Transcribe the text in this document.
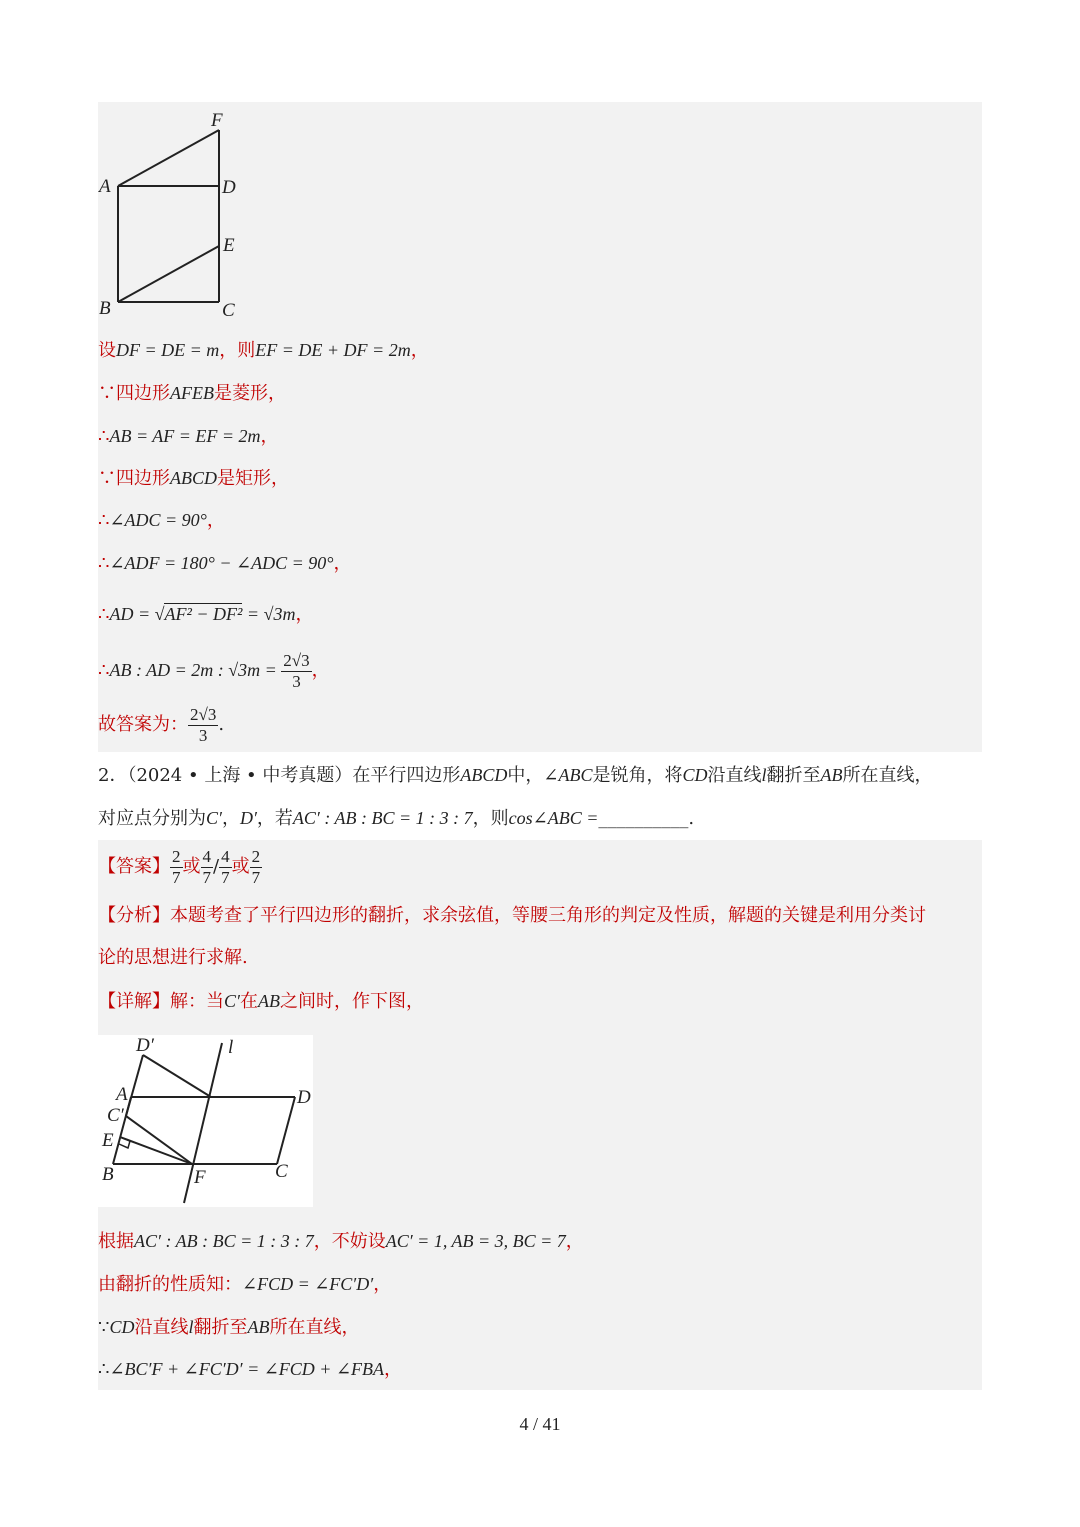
F
A	D
E
B	C
设DF = DE = m，则EF = DE + DF = 2m，
∵四边形AFEB是菱形，
∴AB = AF = EF = 2m，
∵四边形ABCD是矩形，
∴∠ADC = 90°，
∴∠ADF = 180° − ∠ADC = 90°，
∴AD = √AF² − DF² = √3m，
∴AB : AD = 2m : $√3m = \frac{2√3}{3}$ ，
故答案为： $\frac{2√3}{3}$ .
2．（2024 • 上海 • 中考真题）在平行四边形ABCD中，∠ABC是锐角，将CD沿直线l翻折至AB所在直线，
对应点分别为C′，D′，若AC′ : AB : BC = 1 : 3 : 7，则cos∠ABC =__________.
【答案】 $\frac{2}{7}$ 或 $\frac{4}{7} / \frac{4}{7}$ 或 $\frac{2}{7}$
【分析】本题考查了平行四边形的翻折，求余弦值，等腰三角形的判定及性质，解题的关键是利用分类讨
论的思想进行求解.
【详解】解：当C′在AB之间时，作下图，
D′	l
A	D
C′
E
B	F	C
根据AC′ : AB : BC = 1 : 3 : 7，不妨设AC′ = 1, AB = 3, BC = 7，
由翻折的性质知：∠FCD = ∠FC′D′，
∵CD沿直线l翻折至AB所在直线，
∴∠BC′F + ∠FC′D′ = ∠FCD + ∠FBA，
4 / 41
